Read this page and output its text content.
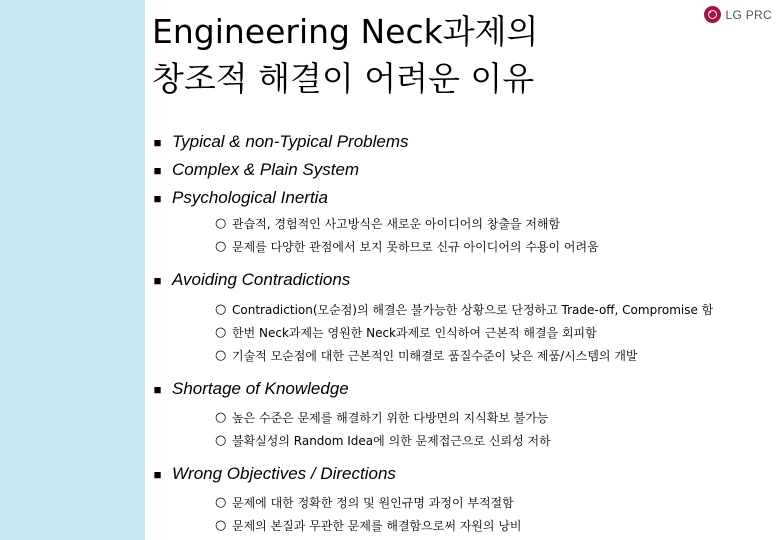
Engineering Neck과제의
창조적 해결이 어려운 이유
LG PRC
■ Typical & non-Typical Problems
■ Complex & Plain System
■ Psychological Inertia
○ 관습적, 경험적인 사고방식은 새로운 아이디어의 창출을 저해함
○ 문제를 다양한 관점에서 보지 못하므로 신규 아이디어의 수용이 어려움
■ Avoiding Contradictions
○ Contradiction(모순점)의 해결은 불가능한 상황으로 단정하고 Trade-off, Compromise 함
○ 한번 Neck과제는 영원한 Neck과제로 인식하여 근본적 해결을 회피함
○ 기술적 모순점에 대한 근본적인 미해결로 품질수준이 낮은 제품/시스템의 개발
■ Shortage of Knowledge
○ 높은 수준은 문제를 해결하기 위한 다방면의 지식확보 불가능
○ 불확실성의 Random Idea에 의한 문제접근으로 신뢰성 저하
■ Wrong Objectives / Directions
○ 문제에 대한 정확한 정의 및 원인규명 과정이 부적절함
○ 문제의 본질과 무관한 문제를 해결함으로써 자원의 낭비
